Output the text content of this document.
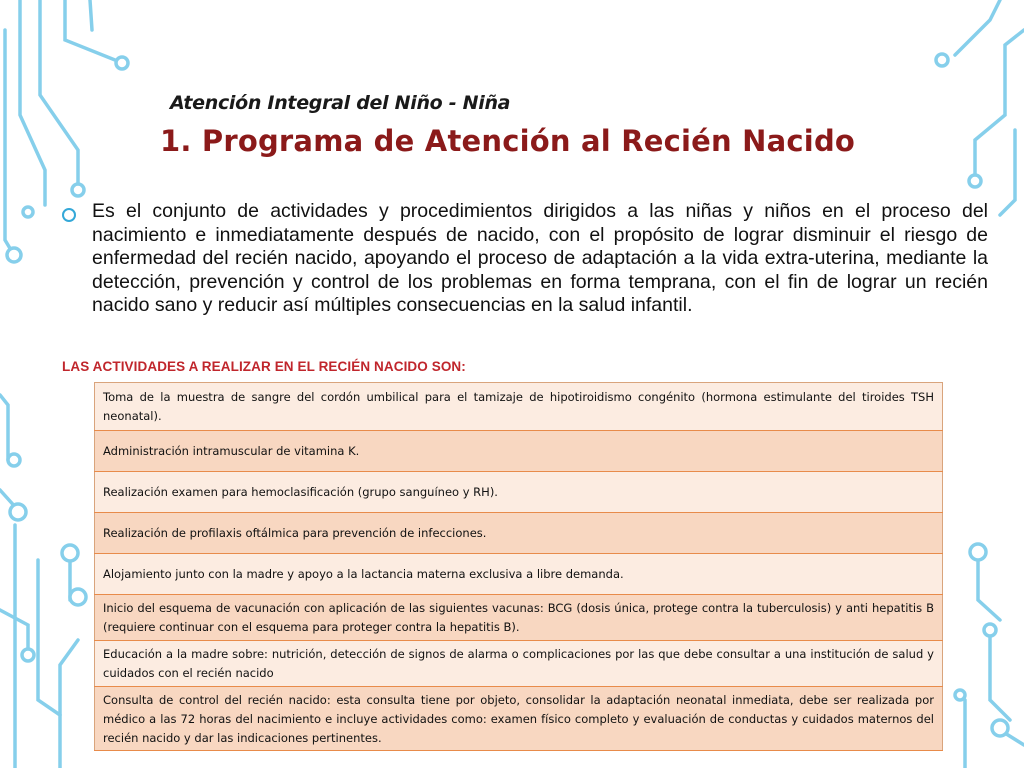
Atención Integral del Niño - Niña
1. Programa de Atención al Recién Nacido

Es el conjunto de actividades y procedimientos dirigidos a las niñas y niños en el proceso del nacimiento e inmediatamente después de nacido, con el propósito de lograr disminuir el riesgo de enfermedad del recién nacido, apoyando el proceso de adaptación a la vida extra-uterina, mediante la detección, prevención y control de los problemas en forma temprana, con el fin de lograr un recién nacido sano y reducir así múltiples consecuencias en la salud infantil.

LAS ACTIVIDADES A REALIZAR EN EL RECIÉN NACIDO SON:
Toma de la muestra de sangre del cordón umbilical para el tamizaje de hipotiroidismo congénito (hormona estimulante del tiroides TSH neonatal).
Administración intramuscular de vitamina K.
Realización examen para hemoclasificación (grupo sanguíneo y RH).
Realización de profilaxis oftálmica para prevención de infecciones.
Alojamiento junto con la madre y apoyo a la lactancia materna exclusiva a libre demanda.
Inicio del esquema de vacunación con aplicación de las siguientes vacunas: BCG (dosis única, protege contra la tuberculosis) y anti hepatitis B (requiere continuar con el esquema para proteger contra la hepatitis B).
Educación a la madre sobre: nutrición, detección de signos de alarma o complicaciones por las que debe consultar a una institución de salud y cuidados con el recién nacido
Consulta de control del recién nacido: esta consulta tiene por objeto, consolidar la adaptación neonatal inmediata, debe ser realizada por médico a las 72 horas del nacimiento e incluye actividades como: examen físico completo y evaluación de conductas y cuidados maternos del recién nacido y dar las indicaciones pertinentes.
